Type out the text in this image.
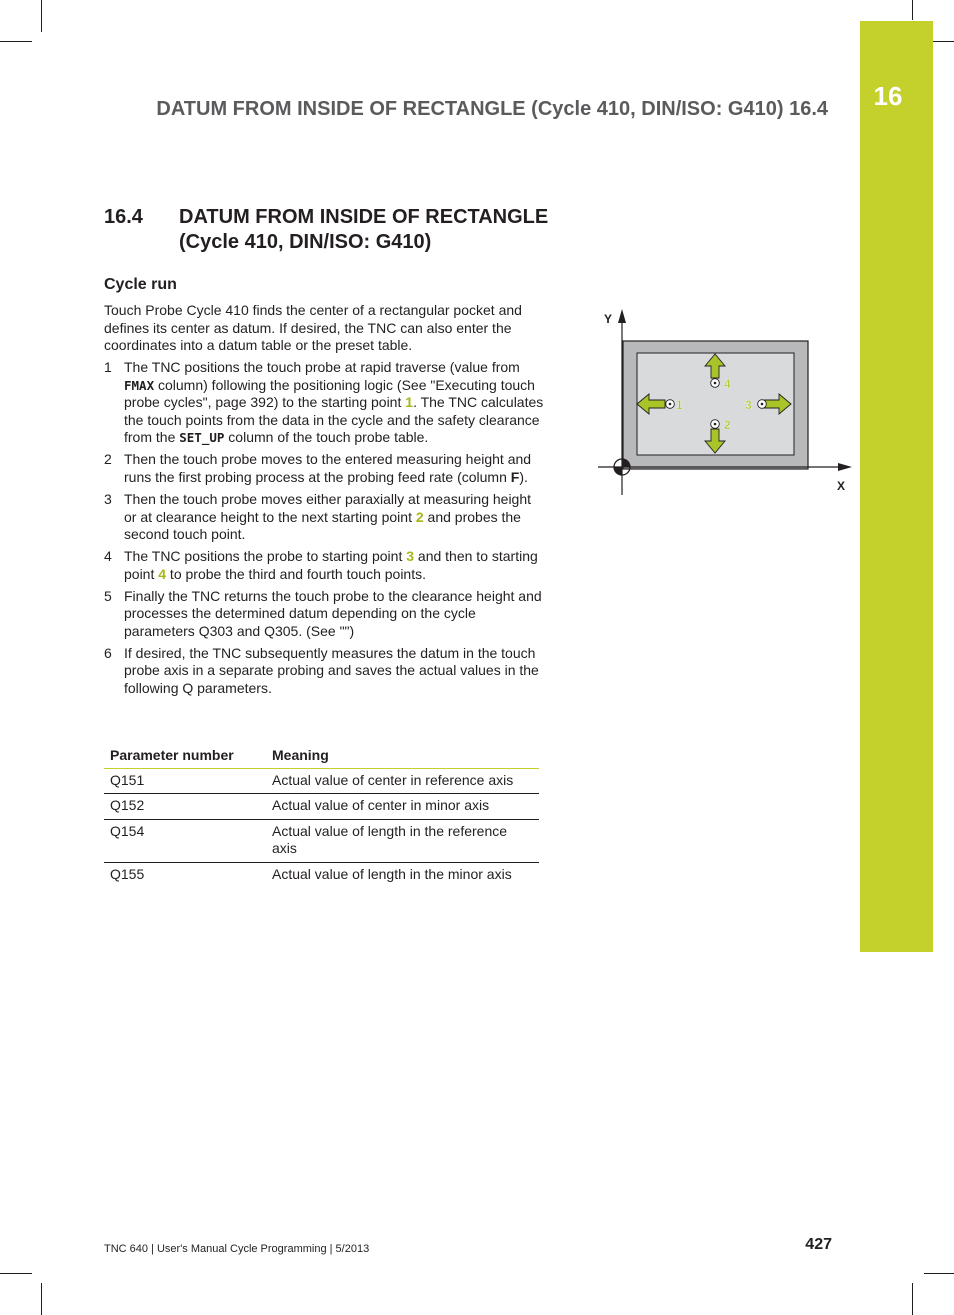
16
DATUM FROM INSIDE OF RECTANGLE (Cycle 410, DIN/ISO: G410) 16.4
16.4 DATUM FROM INSIDE OF RECTANGLE (Cycle 410, DIN/ISO: G410)
Cycle run
Touch Probe Cycle 410 finds the center of a rectangular pocket and defines its center as datum. If desired, the TNC can also enter the coordinates into a datum table or the preset table.
1 The TNC positions the touch probe at rapid traverse (value from FMAX column) following the positioning logic (See "Executing touch probe cycles", page 392) to the starting point 1. The TNC calculates the touch points from the data in the cycle and the safety clearance from the SET_UP column of the touch probe table.
2 Then the touch probe moves to the entered measuring height and runs the first probing process at the probing feed rate (column F).
3 Then the touch probe moves either paraxially at measuring height or at clearance height to the next starting point 2 and probes the second touch point.
4 The TNC positions the probe to starting point 3 and then to starting point 4 to probe the third and fourth touch points.
5 Finally the TNC returns the touch probe to the clearance height and processes the determined datum depending on the cycle parameters Q303 and Q305. (See "")
6 If desired, the TNC subsequently measures the datum in the touch probe axis in a separate probing and saves the actual values in the following Q parameters.
Parameter number	Meaning
Q151	Actual value of center in reference axis
Q152	Actual value of center in minor axis
Q154	Actual value of length in the reference axis
Q155	Actual value of length in the minor axis
Y
X
1
2
3
4
TNC 640 | User's Manual Cycle Programming | 5/2013	427
